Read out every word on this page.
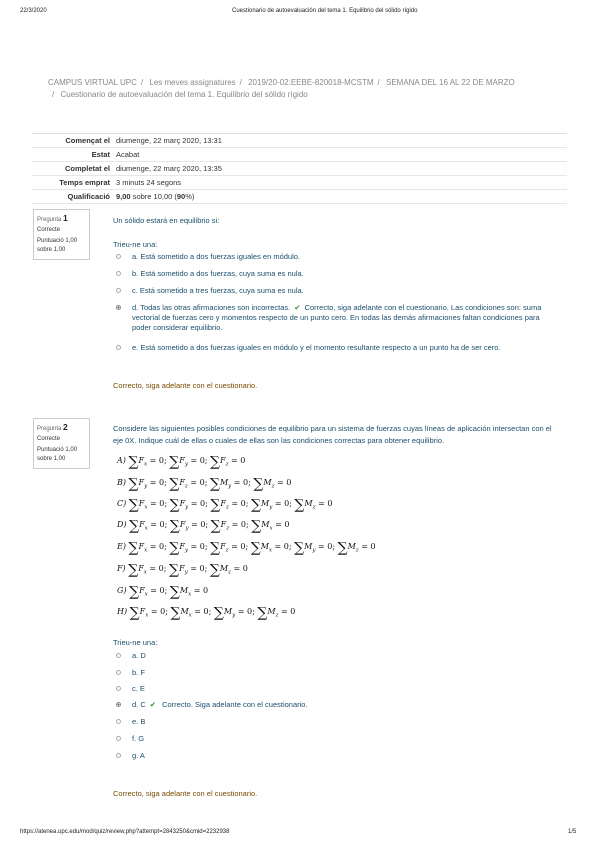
22/3/2020	Cuestionario de autoevaluación del tema 1. Equilibrio del sólido rígido
https://atenea.upc.edu/mod/quiz/review.php?attempt=2843250&cmid=2232938	1/5
CAMPUS VIRTUAL UPC / Les meves assignatures / 2019/20-02:EEBE-820018-MCSTM / SEMANA DEL 16 AL 22 DE MARZO
/ Cuestionario de autoevaluación del tema 1. Equilibrio del sólido rígido
Començat el diumenge, 22 març 2020, 13:31
Estat Acabat
Completat el diumenge, 22 març 2020, 13:35
Temps emprat 3 minuts 24 segons
Qualificació 9,00 sobre 10,00 (90%)
Pregunta 1
Correcte
Puntuació 1,00 sobre 1,00
Un sólido estará en equilibrio si:
Trieu-ne una:
a. Está sometido a dos fuerzas iguales en módulo.
b. Está sometido a dos fuerzas, cuya suma es nula.
c. Está sometido a tres fuerzas, cuya suma es nula.
d. Todas las otras afirmaciones son incorrectas. ✔ Correcto, siga adelante con el cuestionario. Las condiciones son: suma vectorial de fuerzas cero y momentos respecto de un punto cero. En todas las demás afirmaciones faltan condiciones para poder considerar equilibrio.
e. Está sometido a dos fuerzas iguales en módulo y el momento resultante respecto a un punto ha de ser cero.
Correcto, siga adelante con el cuestionario.
Pregunta 2
Correcte
Puntuació 1,00 sobre 1,00
Considere las siguientes posibles condiciones de equilibrio para un sistema de fuerzas cuyas líneas de aplicación intersectan con el eje 0X. Indique cuál de ellas o cuales de ellas son las condiciones correctas para obtener equilibrio.
A) $\sum F_x = 0$; $\sum F_y = 0$; $\sum F_z = 0$
B) $\sum F_y = 0$; $\sum F_z = 0$; $\sum M_y = 0$; $\sum M_z = 0$
C) $\sum F_x = 0$; $\sum F_y = 0$; $\sum F_z = 0$; $\sum M_y = 0$; $\sum M_z = 0$
D) $\sum F_x = 0$; $\sum F_y = 0$; $\sum F_z = 0$; $\sum M_x = 0$
E) $\sum F_x = 0$; $\sum F_y = 0$; $\sum F_z = 0$; $\sum M_x = 0$; $\sum M_y = 0$; $\sum M_z = 0$
F) $\sum F_x = 0$; $\sum F_y = 0$; $\sum M_z = 0$
G) $\sum F_x = 0$; $\sum M_x = 0$
H) $\sum F_x = 0$; $\sum M_x = 0$; $\sum M_y = 0$; $\sum M_z = 0$
Trieu-ne una:
a. D
b. F
c. E
d. C ✔ Correcto. Siga adelante con el cuestionario.
e. B
f. G
g. A
Correcto, siga adelante con el cuestionario.
